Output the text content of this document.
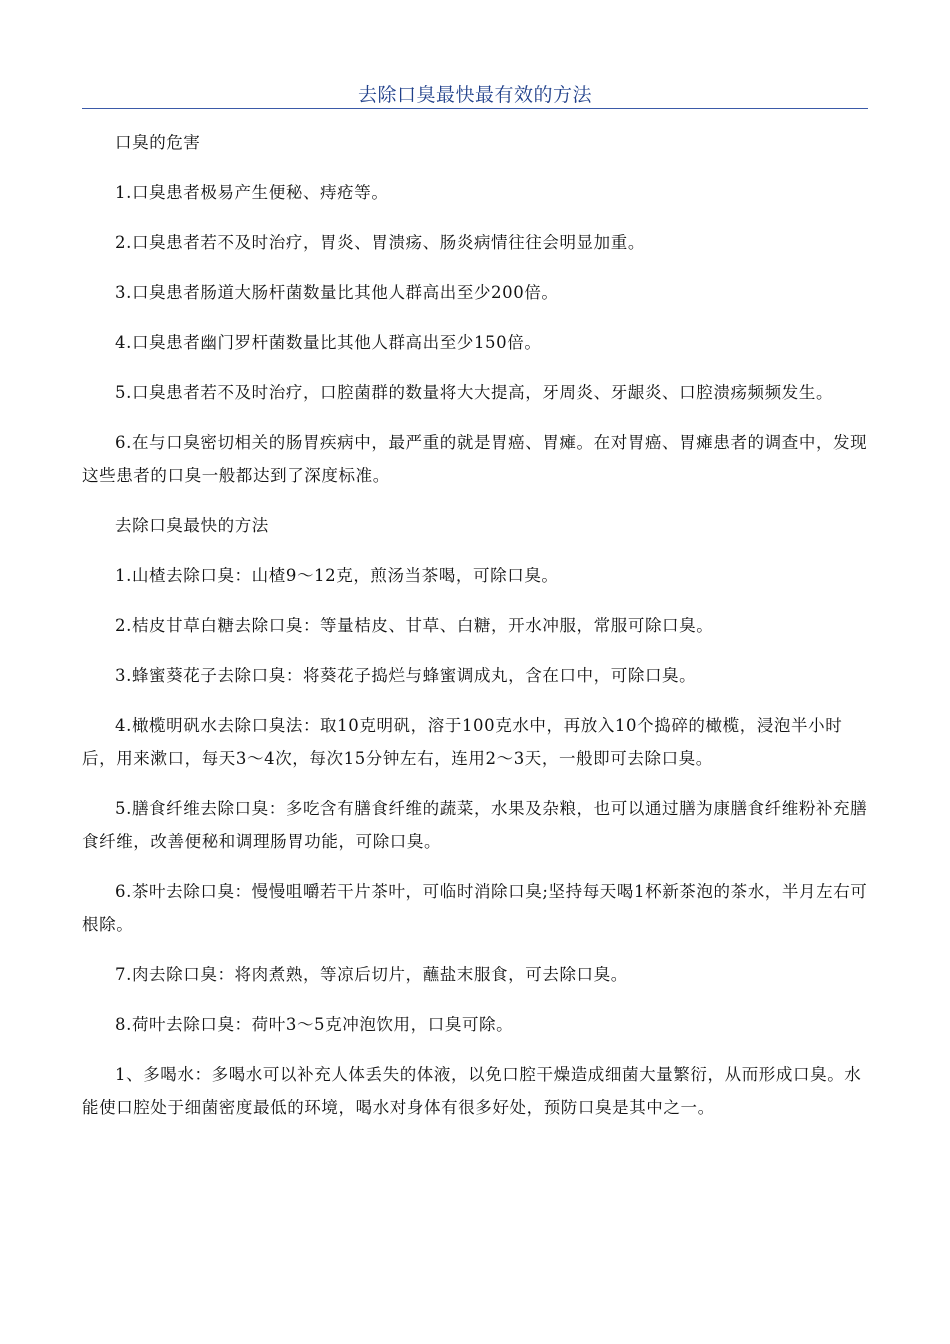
去除口臭最快最有效的方法

口臭的危害

1.口臭患者极易产生便秘、痔疮等。

2.口臭患者若不及时治疗，胃炎、胃溃疡、肠炎病情往往会明显加重。

3.口臭患者肠道大肠杆菌数量比其他人群高出至少200倍。

4.口臭患者幽门罗杆菌数量比其他人群高出至少150倍。

5.口臭患者若不及时治疗，口腔菌群的数量将大大提高，牙周炎、牙龈炎、口腔溃疡频频发生。

6.在与口臭密切相关的肠胃疾病中，最严重的就是胃癌、胃瘫。在对胃癌、胃瘫患者的调查中，发现这些患者的口臭一般都达到了深度标准。

去除口臭最快的方法

1.山楂去除口臭：山楂9～12克，煎汤当茶喝，可除口臭。

2.桔皮甘草白糖去除口臭：等量桔皮、甘草、白糖，开水冲服，常服可除口臭。

3.蜂蜜葵花子去除口臭：将葵花子捣烂与蜂蜜调成丸，含在口中，可除口臭。

4.橄榄明矾水去除口臭法：取10克明矾，溶于100克水中，再放入10个捣碎的橄榄，浸泡半小时后，用来漱口，每天3～4次，每次15分钟左右，连用2～3天，一般即可去除口臭。

5.膳食纤维去除口臭：多吃含有膳食纤维的蔬菜，水果及杂粮，也可以通过膳为康膳食纤维粉补充膳食纤维，改善便秘和调理肠胃功能，可除口臭。

6.茶叶去除口臭：慢慢咀嚼若干片茶叶，可临时消除口臭;坚持每天喝1杯新茶泡的茶水，半月左右可根除。

7.肉去除口臭：将肉煮熟，等凉后切片，蘸盐末服食，可去除口臭。

8.荷叶去除口臭：荷叶3～5克冲泡饮用，口臭可除。

1、多喝水：多喝水可以补充人体丢失的体液，以免口腔干燥造成细菌大量繁衍，从而形成口臭。水能使口腔处于细菌密度最低的环境，喝水对身体有很多好处，预防口臭是其中之一。
